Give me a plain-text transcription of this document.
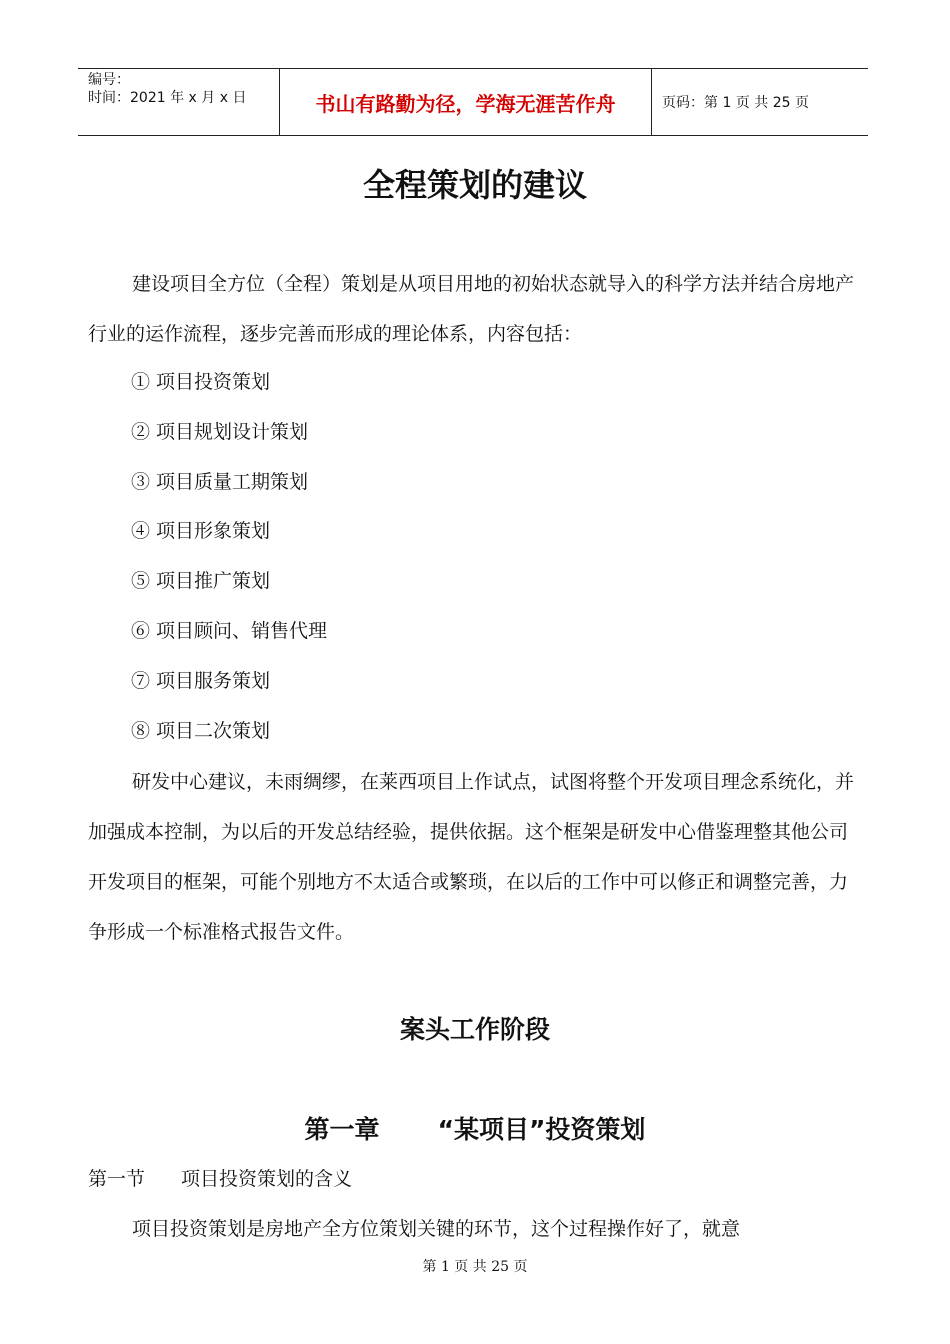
编号：
时间：2021 年 x 月 x 日	书山有路勤为径，学海无涯苦作舟	页码：第 1 页 共 25 页
全程策划的建议

建设项目全方位（全程）策划是从项目用地的初始状态就导入的科学方法并结合房地产行业的运作流程，逐步完善而形成的理论体系，内容包括：

① 项目投资策划
② 项目规划设计策划
③ 项目质量工期策划
④ 项目形象策划
⑤ 项目推广策划
⑥ 项目顾问、销售代理
⑦ 项目服务策划
⑧ 项目二次策划

研发中心建议，未雨绸缪，在莱西项目上作试点，试图将整个开发项目理念系统化，并加强成本控制，为以后的开发总结经验，提供依据。这个框架是研发中心借鉴理整其他公司开发项目的框架，可能个别地方不太适合或繁琐，在以后的工作中可以修正和调整完善，力争形成一个标准格式报告文件。

案头工作阶段
第一章 “某项目”投资策划
第一节 项目投资策划的含义

项目投资策划是房地产全方位策划关键的环节，这个过程操作好了，就意

第 1 页 共 25 页
